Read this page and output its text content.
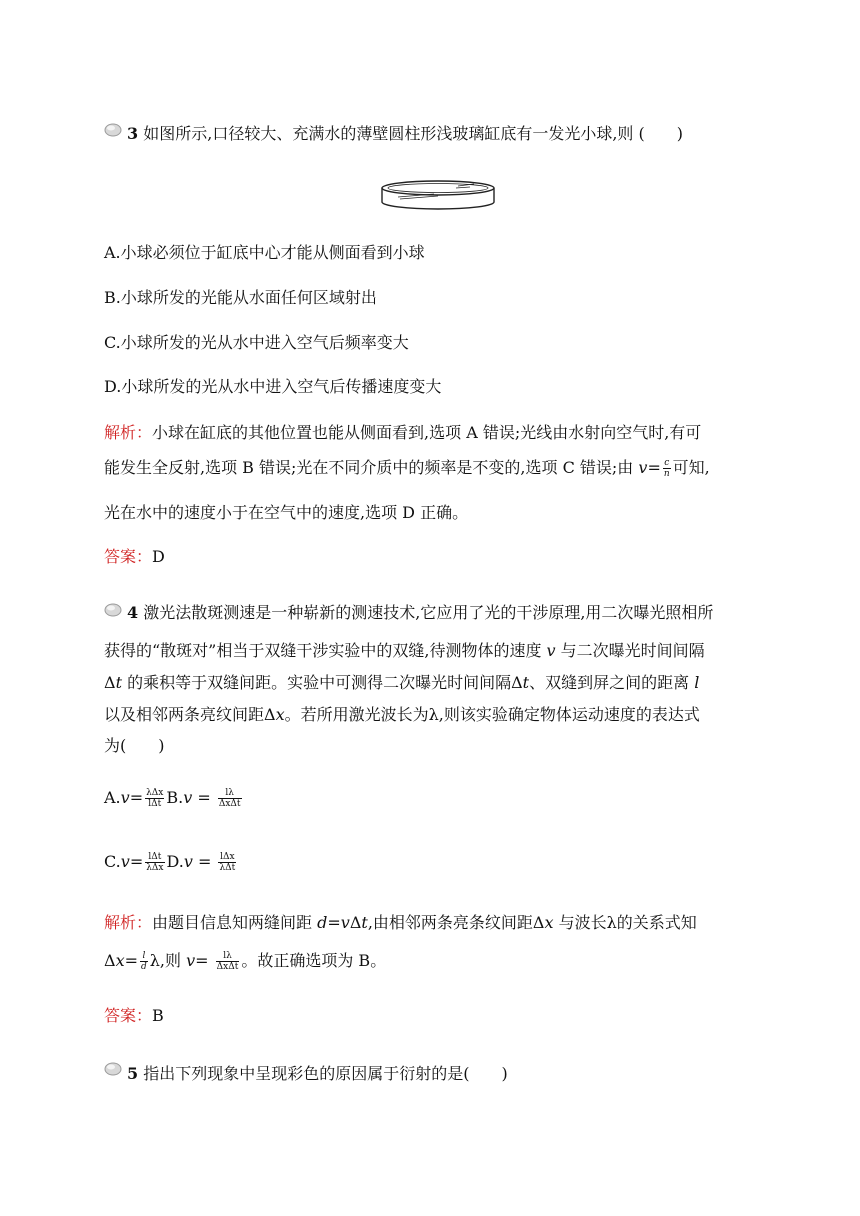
3 如图所示,口径较大、充满水的薄壁圆柱形浅玻璃缸底有一发光小球,则 (　　)
A.小球必须位于缸底中心才能从侧面看到小球
B.小球所发的光能从水面任何区域射出
C.小球所发的光从水中进入空气后频率变大
D.小球所发的光从水中进入空气后传播速度变大
解析：小球在缸底的其他位置也能从侧面看到,选项 A 错误;光线由水射向空气时,有可
能发生全反射,选项 B 错误;光在不同介质中的频率是不变的,选项 C 错误;由 $v= \frac{c}{n}$ 可知,
光在水中的速度小于在空气中的速度,选项 D 正确。
答案：D
4 激光法散斑测速是一种崭新的测速技术,它应用了光的干涉原理,用二次曝光照相所
获得的“散斑对”相当于双缝干涉实验中的双缝,待测物体的速度 v 与二次曝光时间间隔
Δt 的乘积等于双缝间距。实验中可测得二次曝光时间间隔Δt、双缝到屏之间的距离 l
以及相邻两条亮纹间距Δx。若所用激光波长为λ,则该实验确定物体运动速度的表达式
为(　　)
$A.v= \frac{\text{λΔx}}{\text{lΔt}} B.v = \frac{l\lambda}{\text{ΔxΔt}}$
$C.v= \frac{\text{lΔt}}{\text{λΔx}} D.v = \frac{\text{lΔx}}{\text{λΔt}}$
解析：由题目信息知两缝间距 d=vΔt,由相邻两条亮条纹间距Δx 与波长λ的关系式知
$\Delta x= \frac{l}{d} \lambda$,则 $v= \frac{l\lambda}{\text{ΔxΔt}}$ 。故正确选项为 B。
答案：B
5 指出下列现象中呈现彩色的原因属于衍射的是(　　)
